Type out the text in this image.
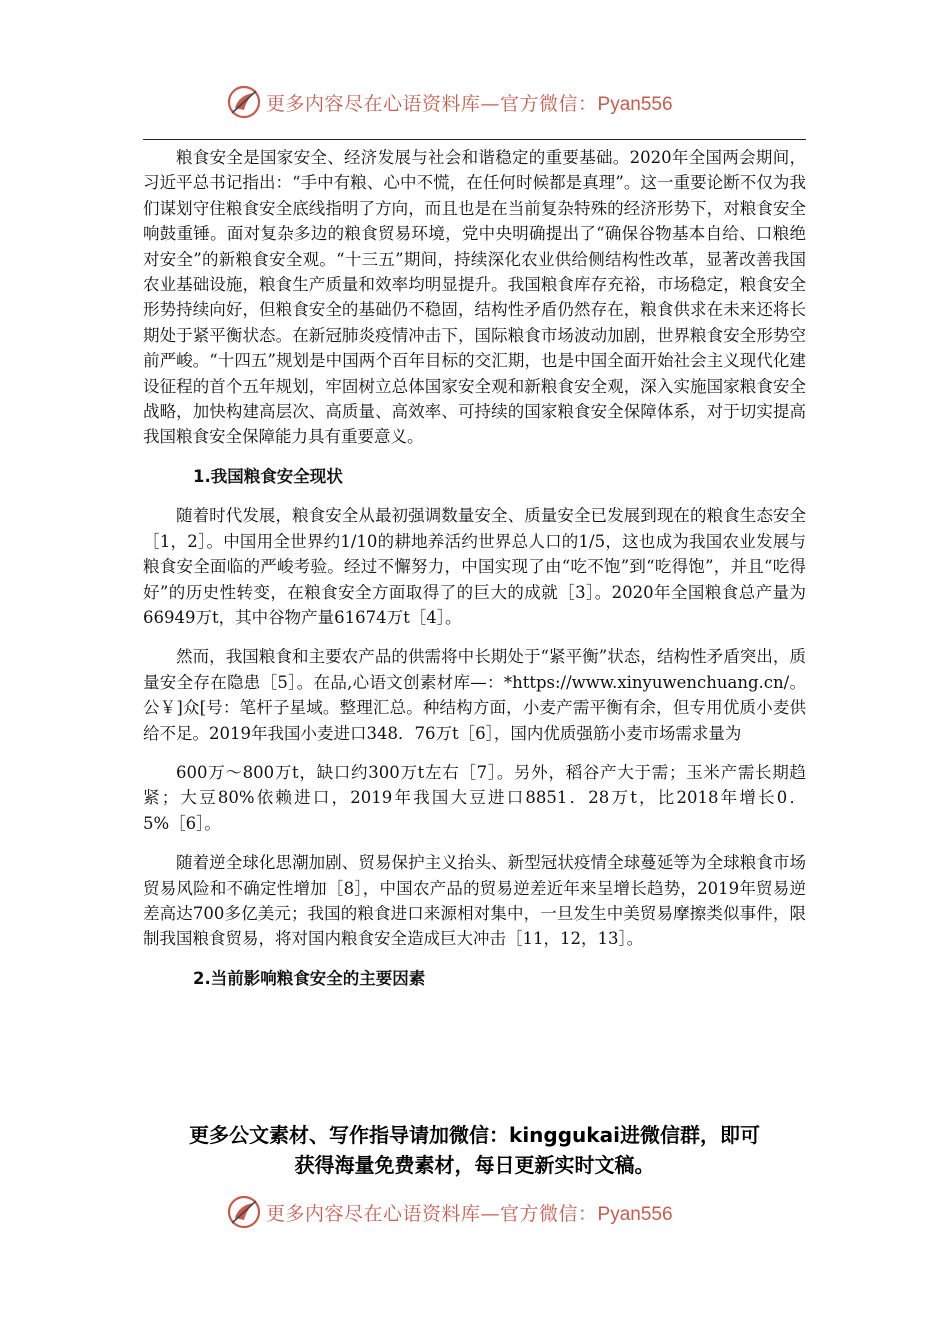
更多内容尽在心语资料库—官方微信：Pyan556

粮食安全是国家安全、经济发展与社会和谐稳定的重要基础。2020年全国两会期间，习近平总书记指出：“手中有粮、心中不慌，在任何时候都是真理”。这一重要论断不仅为我们谋划守住粮食安全底线指明了方向，而且也是在当前复杂特殊的经济形势下，对粮食安全响鼓重锤。面对复杂多边的粮食贸易环境，党中央明确提出了“确保谷物基本自给、口粮绝对安全”的新粮食安全观。“十三五”期间，持续深化农业供给侧结构性改革，显著改善我国农业基础设施，粮食生产质量和效率均明显提升。我国粮食库存充裕，市场稳定，粮食安全形势持续向好，但粮食安全的基础仍不稳固，结构性矛盾仍然存在，粮食供求在未来还将长期处于紧平衡状态。在新冠肺炎疫情冲击下，国际粮食市场波动加剧，世界粮食安全形势空前严峻。“十四五”规划是中国两个百年目标的交汇期，也是中国全面开始社会主义现代化建设征程的首个五年规划，牢固树立总体国家安全观和新粮食安全观，深入实施国家粮食安全战略，加快构建高层次、高质量、高效率、可持续的国家粮食安全保障体系，对于切实提高我国粮食安全保障能力具有重要意义。

1.我国粮食安全现状

随着时代发展，粮食安全从最初强调数量安全、质量安全已发展到现在的粮食生态安全［1，2］。中国用全世界约1/10的耕地养活约世界总人口的1/5，这也成为我国农业发展与粮食安全面临的严峻考验。经过不懈努力，中国实现了由“吃不饱”到“吃得饱”，并且“吃得好”的历史性转变，在粮食安全方面取得了的巨大的成就［3］。2020年全国粮食总产量为66949万t，其中谷物产量61674万t［4］。

然而，我国粮食和主要农产品的供需将中长期处于“紧平衡”状态，结构性矛盾突出，质量安全存在隐患［5］。在品,心语文创素材库—：*https://www.xinyuwenchuang.cn/。公￥]众[号：笔杆子星域。整理汇总。种结构方面，小麦产需平衡有余，但专用优质小麦供给不足。2019年我国小麦进口348．76万t［6］，国内优质强筋小麦市场需求量为

600万～800万t，缺口约300万t左右［7］。另外，稻谷产大于需；玉米产需长期趋紧；大豆80%依赖进口，2019年我国大豆进口8851．28万t，比2018年增长0．5%［6］。

随着逆全球化思潮加剧、贸易保护主义抬头、新型冠状疫情全球蔓延等为全球粮食市场贸易风险和不确定性增加［8］，中国农产品的贸易逆差近年来呈增长趋势，2019年贸易逆差高达700多亿美元；我国的粮食进口来源相对集中，一旦发生中美贸易摩擦类似事件，限制我国粮食贸易，将对国内粮食安全造成巨大冲击［11，12，13］。

2.当前影响粮食安全的主要因素
更多公文素材、写作指导请加微信：kinggukai进微信群，即可
获得海量免费素材，每日更新实时文稿。
更多内容尽在心语资料库—官方微信：Pyan556
